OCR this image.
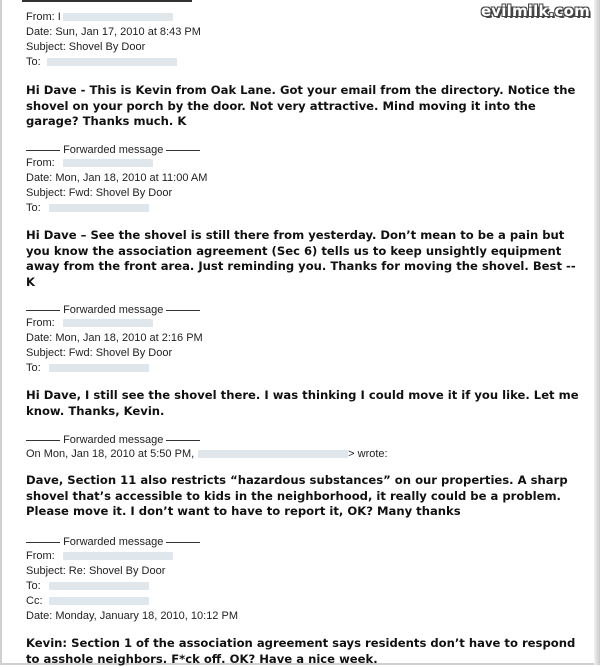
evilmilk.com
From: I
Date: Sun, Jan 17, 2010 at 8:43 PM
Subject: Shovel By Door
To:
Hi Dave - This is Kevin from Oak Lane. Got your email from the directory. Notice the shovel on your porch by the door. Not very attractive. Mind moving it into the garage? Thanks much. K
Forwarded message
From:
Date: Mon, Jan 18, 2010 at 11:00 AM
Subject: Fwd: Shovel By Door
To:
Hi Dave – See the shovel is still there from yesterday. Don’t mean to be a pain but you know the association agreement (Sec 6) tells us to keep unsightly equipment away from the front area. Just reminding you. Thanks for moving the shovel. Best -- K
Forwarded message
From:
Date: Mon, Jan 18, 2010 at 2:16 PM
Subject: Fwd: Shovel By Door
To:
Hi Dave, I still see the shovel there. I was thinking I could move it if you like. Let me know. Thanks, Kevin.
Forwarded message
On Mon, Jan 18, 2010 at 5:50 PM,	> wrote:
Dave, Section 11 also restricts “hazardous substances” on our properties. A sharp shovel that’s accessible to kids in the neighborhood, it really could be a problem. Please move it. I don’t want to have to report it, OK? Many thanks
Forwarded message
From:
Subject: Re: Shovel By Door
To:
Cc:
Date: Monday, January 18, 2010, 10:12 PM
Kevin: Section 1 of the association agreement says residents don’t have to respond to asshole neighbors. F*ck off. OK? Have a nice week.
